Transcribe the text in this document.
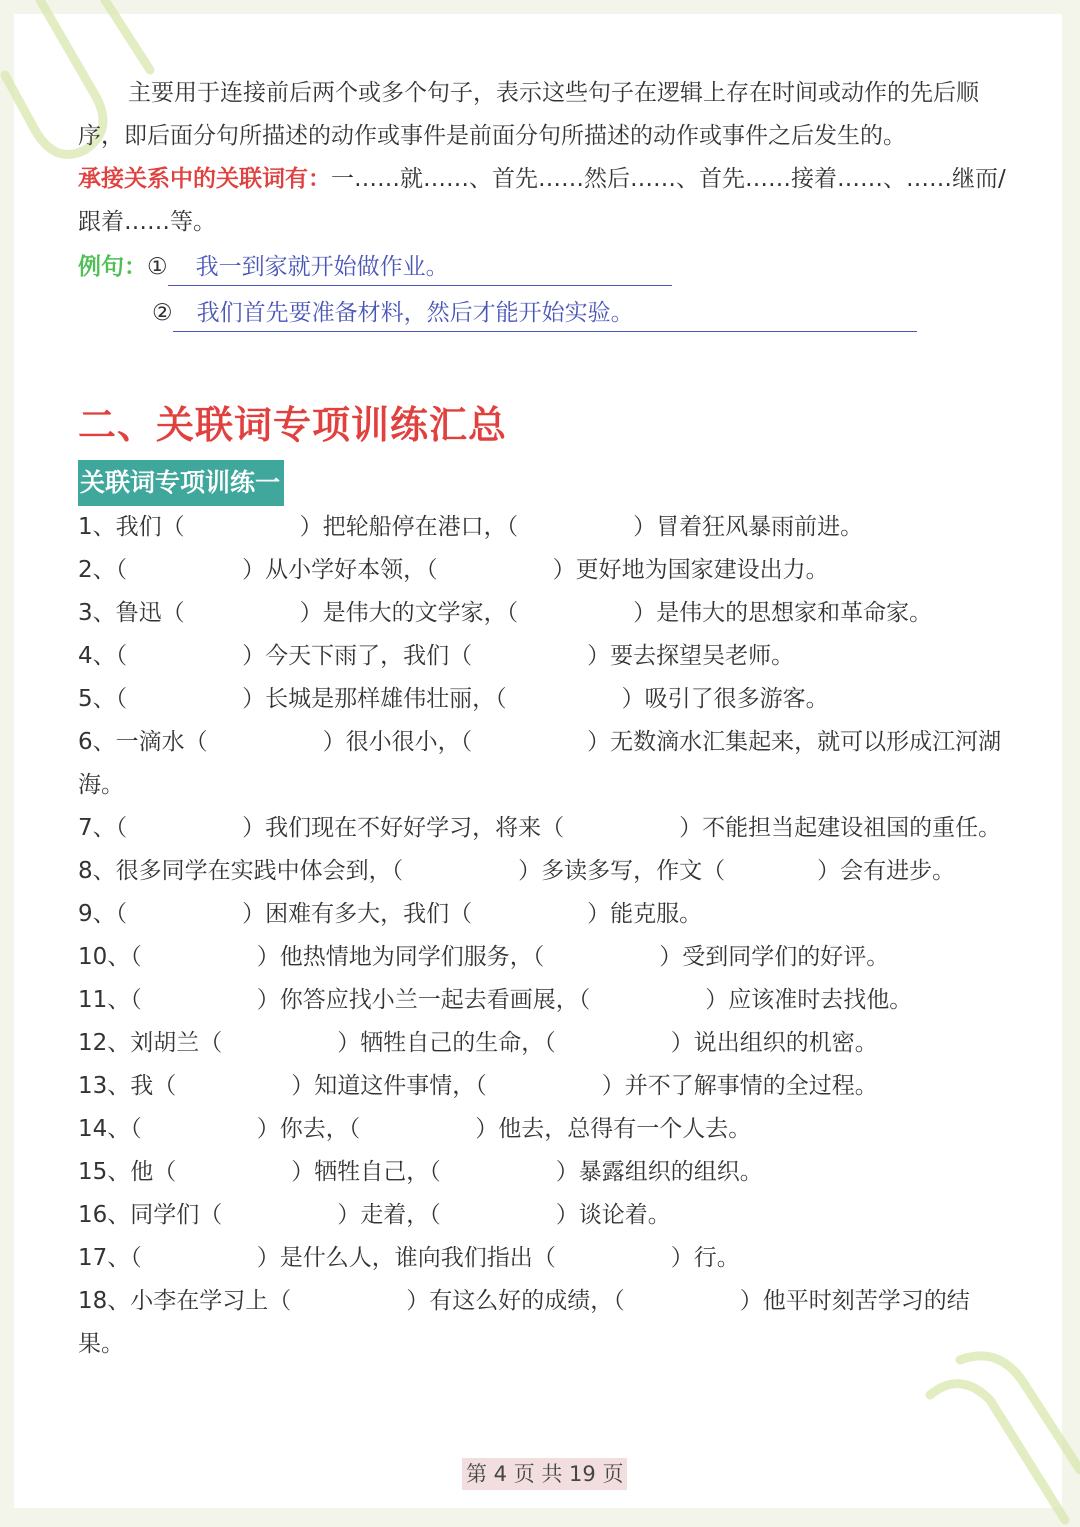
主要用于连接前后两个或多个句子，表示这些句子在逻辑上存在时间或动作的先后顺序，即后面分句所描述的动作或事件是前面分句所描述的动作或事件之后发生的。

承接关系中的关联词有：一……就……、首先……然后……、首先……接着……、……继而/跟着……等。

例句：① 我一到家就开始做作业。
② 我们首先要准备材料，然后才能开始实验。
二、关联词专项训练汇总
关联词专项训练一

1、我们（　　　　　）把轮船停在港口，（　　　　　）冒着狂风暴雨前进。

2、（　　　　　）从小学好本领，（　　　　　）更好地为国家建设出力。

3、鲁迅（　　　　　）是伟大的文学家，（　　　　　）是伟大的思想家和革命家。

4、（　　　　　）今天下雨了，我们（　　　　　）要去探望吴老师。

5、（　　　　　）长城是那样雄伟壮丽，（　　　　　）吸引了很多游客。

6、一滴水（　　　　　）很小很小，（　　　　　）无数滴水汇集起来，就可以形成江河湖海。

7、（　　　　　）我们现在不好好学习，将来（　　　　　）不能担当起建设祖国的重任。

8、很多同学在实践中体会到，（　　　　　）多读多写，作文（　　　　）会有进步。

9、（　　　　　）困难有多大，我们（　　　　　）能克服。

10、（　　　　　）他热情地为同学们服务，（　　　　　）受到同学们的好评。

11、（　　　　　）你答应找小兰一起去看画展，（　　　　　）应该准时去找他。

12、刘胡兰（　　　　　）牺牲自己的生命，（　　　　　）说出组织的机密。

13、我（　　　　　）知道这件事情，（　　　　　）并不了解事情的全过程。

14、（　　　　　）你去，（　　　　　）他去，总得有一个人去。

15、他（　　　　　）牺牲自己，（　　　　　）暴露组织的组织。

16、同学们（　　　　　）走着，（　　　　　）谈论着。

17、（　　　　　）是什么人，谁向我们指出（　　　　　）行。

18、小李在学习上（　　　　　）有这么好的成绩，（　　　　　）他平时刻苦学习的结果。

第 4 页 共 19 页
